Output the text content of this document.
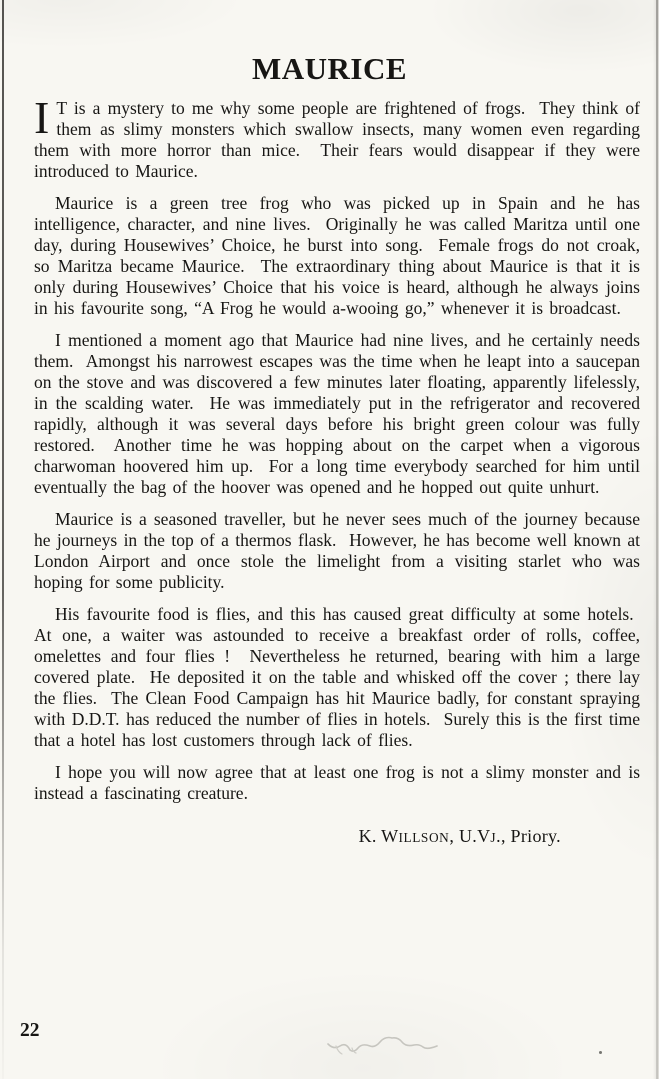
MAURICE

I T is a mystery to me why some people are frightened of frogs.  They think of them as slimy monsters which swallow insects, many women even regarding them with more horror than mice.  Their fears would disappear if they were introduced to Maurice.

Maurice is a green tree frog who was picked up in Spain and he has intelligence, character, and nine lives.  Originally he was called Maritza until one day, during Housewives’ Choice, he burst into song.  Female frogs do not croak, so Maritza became Maurice.  The extraordinary thing about Maurice is that it is only during Housewives’ Choice that his voice is heard, although he always joins in his favourite song, “A Frog he would a-wooing go,” whenever it is broadcast.

I mentioned a moment ago that Maurice had nine lives, and he certainly needs them.  Amongst his narrowest escapes was the time when he leapt into a saucepan on the stove and was discovered a few minutes later floating, apparently lifelessly, in the scalding water.  He was immediately put in the refrigerator and recovered rapidly, although it was several days before his bright green colour was fully restored.  Another time he was hopping about on the carpet when a vigorous charwoman hoovered him up.  For a long time everybody searched for him until eventually the bag of the hoover was opened and he hopped out quite unhurt.

Maurice is a seasoned traveller, but he never sees much of the journey because he journeys in the top of a thermos flask.  However, he has become well known at London Airport and once stole the limelight from a visiting starlet who was hoping for some publicity.

His favourite food is flies, and this has caused great difficulty at some hotels.  At one, a waiter was astounded to receive a breakfast order of rolls, coffee, omelettes and four flies !  Nevertheless he returned, bearing with him a large covered plate.  He deposited it on the table and whisked off the cover ; there lay the flies.  The Clean Food Campaign has hit Maurice badly, for constant spraying with D.D.T. has reduced the number of flies in hotels.  Surely this is the first time that a hotel has lost customers through lack of flies.

I hope you will now agree that at least one frog is not a slimy monster and is instead a fascinating creature.

K. WILLSON, U.VJ., Priory.
22
